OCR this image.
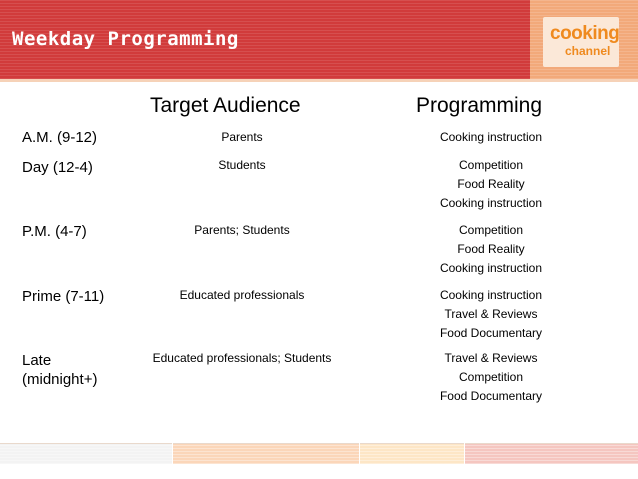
Weekday Programming	cooking
channel
Target Audience	Programming
A.M. (9-12)	Parents	Cooking instruction
Day (12-4)	Students	Competition
Food Reality
Cooking instruction
P.M. (4-7)	Parents; Students	Competition
Food Reality
Cooking instruction
Prime (7-11)	Educated professionals	Cooking instruction
Travel & Reviews
Food Documentary
Late
(midnight+)
Educated professionals; Students	Travel & Reviews
Competition
Food Documentary
